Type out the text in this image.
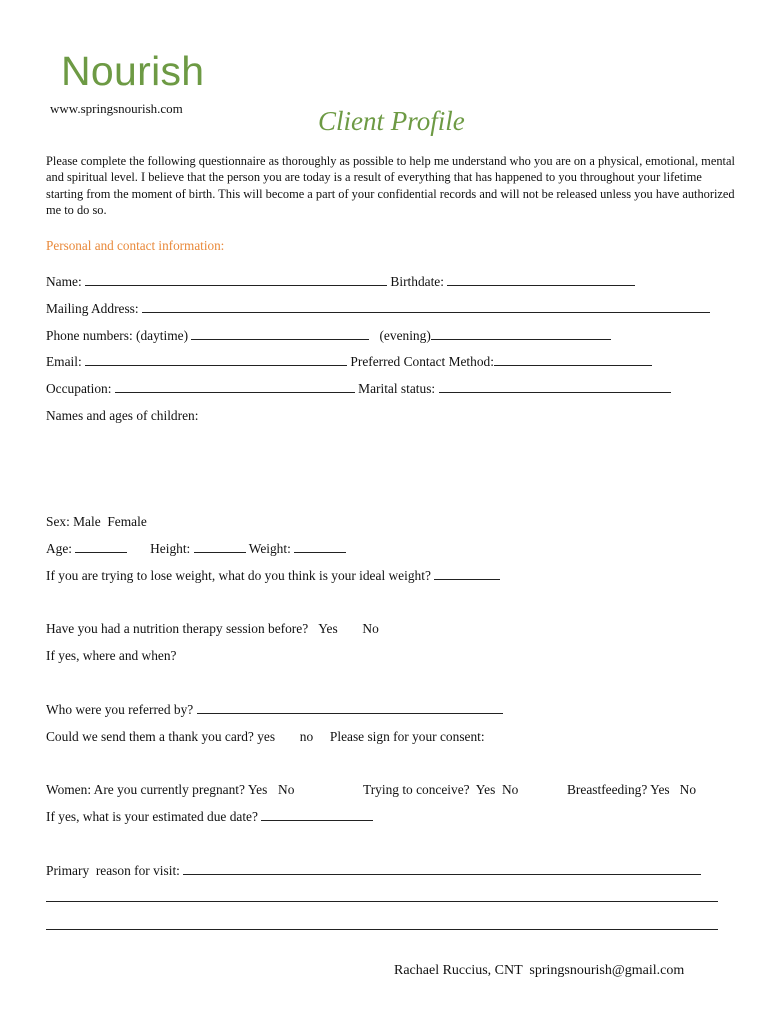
Nourish
www.springsnourish.com	Client Profile
Please complete the following questionnaire as thoroughly as possible to help me understand who you are on a physical, emotional, mental and spiritual level. I believe that the person you are today is a result of everything that has happened to you throughout your lifetime starting from the moment of birth. This will become a part of your confidential records and will not be released unless you have authorized me to do so.
Personal and contact information:
Name:	Birthdate:
Mailing Address:
Phone numbers: (daytime)	(evening)
Email:	Preferred Contact Method:
Occupation:	Marital status:
Names and ages of children:
Sex: Male  Female
Age:	Height:	Weight:
If you are trying to lose weight, what do you think is your ideal weight?
Have you had a nutrition therapy session before? Yes No
If yes, where and when?
Who were you referred by?
Could we send them a thank you card? yes no Please sign for your consent:
Women: Are you currently pregnant? Yes No	Trying to conceive?  Yes  No	Breastfeeding? Yes   No
If yes, what is your estimated due date?
Primary  reason for visit:
Rachael Ruccius, CNT  springsnourish@gmail.com
